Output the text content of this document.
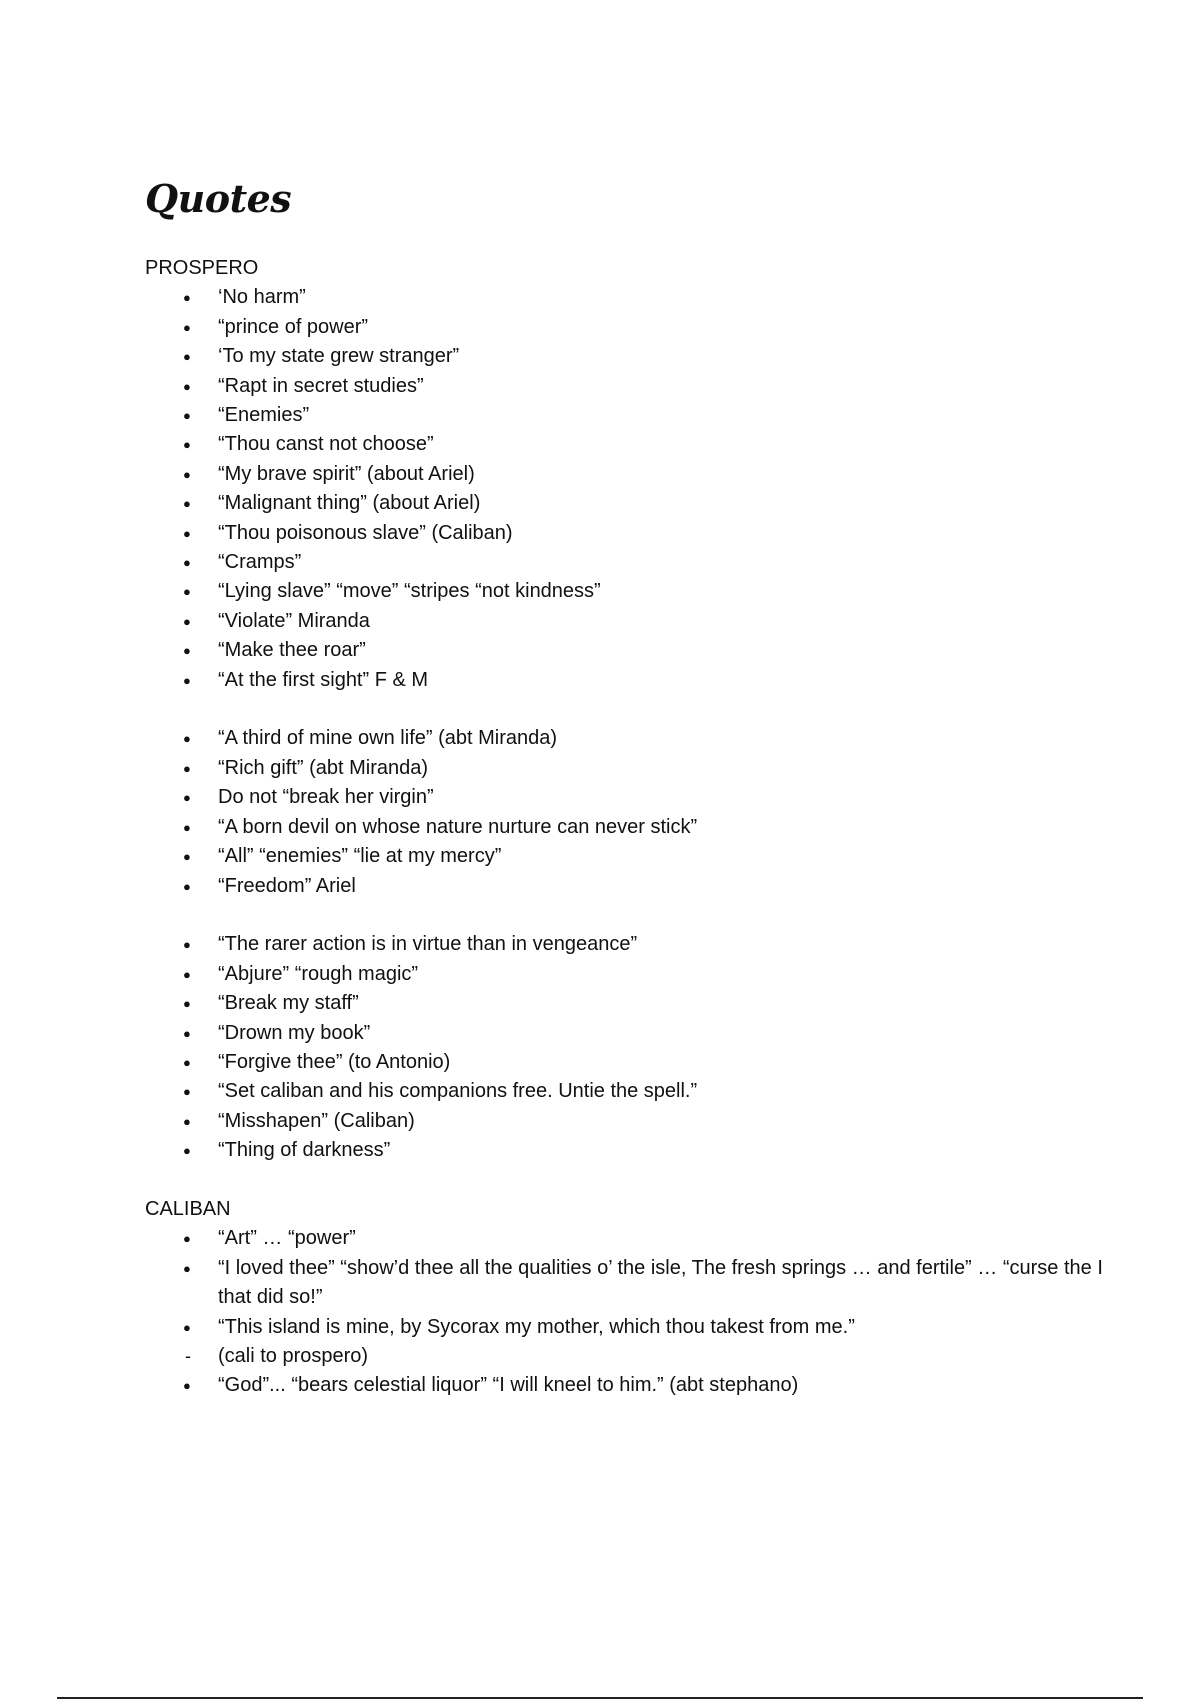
Quotes
PROSPERO
● ‘No harm”
● “prince of power”
● ‘To my state grew stranger”
● “Rapt in secret studies”
● “Enemies”
● “Thou canst not choose”
● “My brave spirit” (about Ariel)
● “Malignant thing” (about Ariel)
● “Thou poisonous slave” (Caliban)
● “Cramps”
● “Lying slave” “move” “stripes “not kindness”
● “Violate” Miranda
● “Make thee roar”
● “At the first sight” F & M
● “A third of mine own life” (abt Miranda)
● “Rich gift” (abt Miranda)
● Do not “break her virgin”
● “A born devil on whose nature nurture can never stick”
● “All” “enemies” “lie at my mercy”
● “Freedom” Ariel
● “The rarer action is in virtue than in vengeance”
● “Abjure” “rough magic”
● “Break my staff”
● “Drown my book”
● “Forgive thee” (to Antonio)
● “Set caliban and his companions free. Untie the spell.”
● “Misshapen” (Caliban)
● “Thing of darkness”
CALIBAN
● “Art” … “power”
● “I loved thee” “show’d thee all the qualities o’ the isle, The fresh springs … and fertile” … “curse the I that did so!”
● “This island is mine, by Sycorax my mother, which thou takest from me.”
- (cali to prospero)
● “God”... “bears celestial liquor” “I will kneel to him.” (abt stephano)
